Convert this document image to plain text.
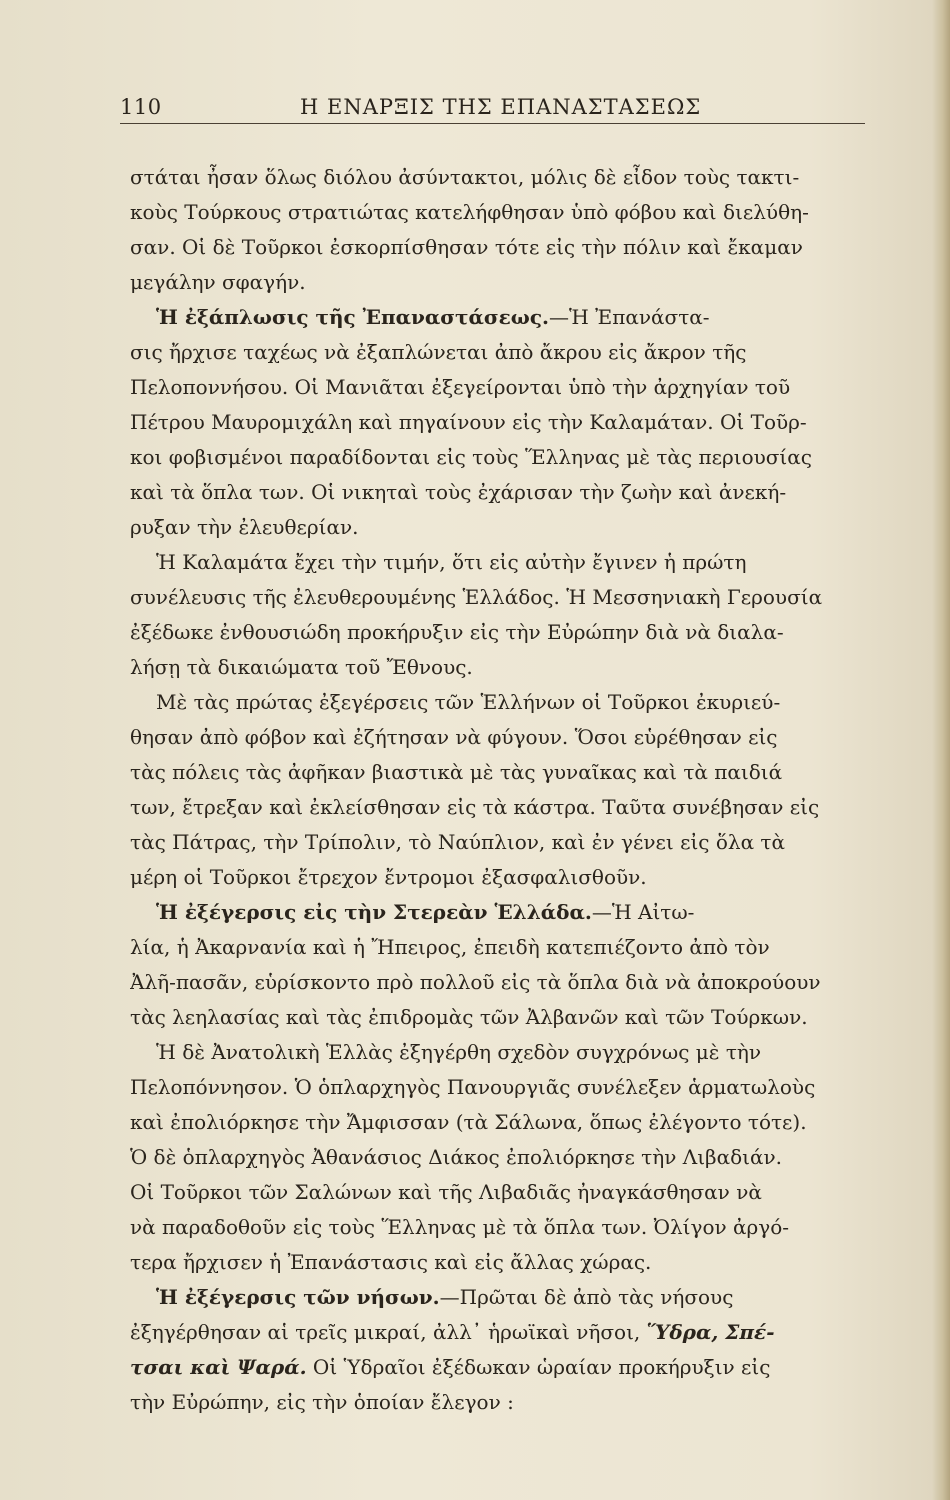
110	Η ΕΝΑΡΞΙΣ ΤΗΣ ΕΠΑΝΑΣΤΑΣΕΩΣ
στάται ἦσαν ὅλως διόλου ἀσύντακτοι, μόλις δὲ εἶδον τοὺς τακτι-
κοὺς Τούρκους στρατιώτας κατελήφθησαν ὑπὸ φόβου καὶ διελύθη-
σαν. Οἱ δὲ Τοῦρκοι ἐσκορπίσθησαν τότε εἰς τὴν πόλιν καὶ ἔκαμαν
μεγάλην σφαγήν.
Ἡ ἐξάπλωσις τῆς Ἐπαναστάσεως.—Ἡ Ἐπανάστα-
σις ἤρχισε ταχέως νὰ ἐξαπλώνεται ἀπὸ ἄκρου εἰς ἄκρον τῆς
Πελοποννήσου. Οἱ Μανιᾶται ἐξεγείρονται ὑπὸ τὴν ἀρχηγίαν τοῦ
Πέτρου Μαυρομιχάλη καὶ πηγαίνουν εἰς τὴν Καλαμάταν. Οἱ Τοῦρ-
κοι φοβισμένοι παραδίδονται εἰς τοὺς Ἕλληνας μὲ τὰς περιουσίας
καὶ τὰ ὅπλα των. Οἱ νικηταὶ τοὺς ἐχάρισαν τὴν ζωὴν καὶ ἀνεκή-
ρυξαν τὴν ἐλευθερίαν.
Ἡ Καλαμάτα ἔχει τὴν τιμήν, ὅτι εἰς αὐτὴν ἔγινεν ἡ πρώτη
συνέλευσις τῆς ἐλευθερουμένης Ἑλλάδος. Ἡ Μεσσηνιακὴ Γερουσία
ἐξέδωκε ἐνθουσιώδη προκήρυξιν εἰς τὴν Εὐρώπην διὰ νὰ διαλα-
λήσῃ τὰ δικαιώματα τοῦ Ἔθνους.
Μὲ τὰς πρώτας ἐξεγέρσεις τῶν Ἑλλήνων οἱ Τοῦρκοι ἐκυριεύ-
θησαν ἀπὸ φόβον καὶ ἐζήτησαν νὰ φύγουν. Ὅσοι εὑρέθησαν εἰς
τὰς πόλεις τὰς ἀφῆκαν βιαστικὰ μὲ τὰς γυναῖκας καὶ τὰ παιδιά
των, ἔτρεξαν καὶ ἐκλείσθησαν εἰς τὰ κάστρα. Ταῦτα συνέβησαν εἰς
τὰς Πάτρας, τὴν Τρίπολιν, τὸ Ναύπλιον, καὶ ἐν γένει εἰς ὅλα τὰ
μέρη οἱ Τοῦρκοι ἔτρεχον ἔντρομοι ἐξασφαλισθοῦν.
Ἡ ἐξέγερσις εἰς τὴν Στερεὰν Ἑλλάδα.—Ἡ Αἰτω-
λία, ἡ Ἀκαρνανία καὶ ἡ Ἤπειρος, ἐπειδὴ κατεπιέζοντο ἀπὸ τὸν
Ἀλῆ-πασᾶν, εὑρίσκοντο πρὸ πολλοῦ εἰς τὰ ὅπλα διὰ νὰ ἀποκρούουν
τὰς λεηλασίας καὶ τὰς ἐπιδρομὰς τῶν Ἀλβανῶν καὶ τῶν Τούρκων.
Ἡ δὲ Ἀνατολικὴ Ἑλλὰς ἐξηγέρθη σχεδὸν συγχρόνως μὲ τὴν
Πελοπόννησον. Ὁ ὁπλαρχηγὸς Πανουργιᾶς συνέλεξεν ἁρματωλοὺς
καὶ ἐπολιόρκησε τὴν Ἄμφισσαν (τὰ Σάλωνα, ὅπως ἐλέγοντο τότε).
Ὁ δὲ ὁπλαρχηγὸς Ἀθανάσιος Διάκος ἐπολιόρκησε τὴν Λιβαδιάν.
Οἱ Τοῦρκοι τῶν Σαλώνων καὶ τῆς Λιβαδιᾶς ἠναγκάσθησαν νὰ
νὰ παραδοθοῦν εἰς τοὺς Ἕλληνας μὲ τὰ ὅπλα των. Ὀλίγον ἀργό-
τερα ἤρχισεν ἡ Ἐπανάστασις καὶ εἰς ἄλλας χώρας.
Ἡ ἐξέγερσις τῶν νήσων.—Πρῶται δὲ ἀπὸ τὰς νήσους
ἐξηγέρθησαν αἱ τρεῖς μικραί, ἀλλ᾽ ἡρωϊκαὶ νῆσοι, Ὕδρα, Σπέ-
τσαι καὶ Ψαρά. Οἱ Ὑδραῖοι ἐξέδωκαν ὡραίαν προκήρυξιν εἰς
τὴν Εὐρώπην, εἰς τὴν ὁποίαν ἔλεγον :
